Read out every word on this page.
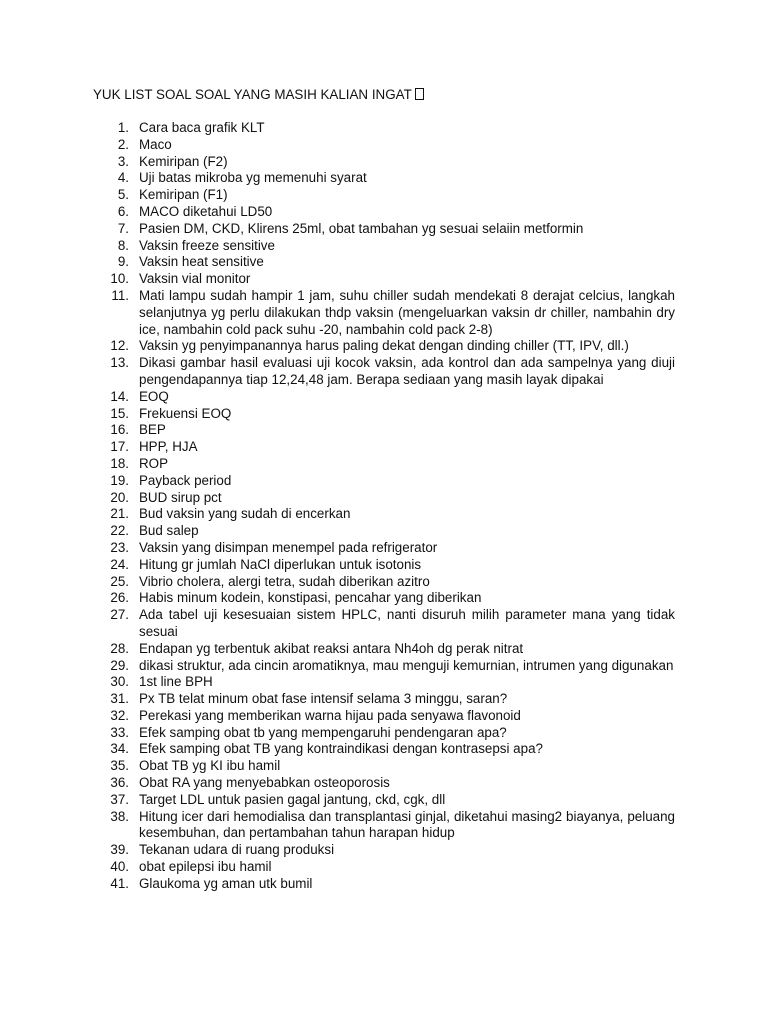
YUK LIST SOAL SOAL YANG MASIH KALIAN INGAT
1. Cara baca grafik KLT
2. Maco
3. Kemiripan (F2)
4. Uji batas mikroba yg memenuhi syarat
5. Kemiripan (F1)
6. MACO diketahui LD50
7. Pasien DM, CKD, Klirens 25ml, obat tambahan yg sesuai selaiin metformin
8. Vaksin freeze sensitive
9. Vaksin heat sensitive
10. Vaksin vial monitor
11. Mati lampu sudah hampir 1 jam, suhu chiller sudah mendekati 8 derajat celcius, langkah selanjutnya yg perlu dilakukan thdp vaksin (mengeluarkan vaksin dr chiller, nambahin dry ice, nambahin cold pack suhu -20, nambahin cold pack 2-8)
12. Vaksin yg penyimpanannya harus paling dekat dengan dinding chiller (TT, IPV, dll.)
13. Dikasi gambar hasil evaluasi uji kocok vaksin, ada kontrol dan ada sampelnya yang diuji pengendapannya tiap 12,24,48 jam. Berapa sediaan yang masih layak dipakai
14. EOQ
15. Frekuensi EOQ
16. BEP
17. HPP, HJA
18. ROP
19. Payback period
20. BUD sirup pct
21. Bud vaksin yang sudah di encerkan
22. Bud salep
23. Vaksin yang disimpan menempel pada refrigerator
24. Hitung gr jumlah NaCl diperlukan untuk isotonis
25. Vibrio cholera, alergi tetra, sudah diberikan azitro
26. Habis minum kodein, konstipasi, pencahar yang diberikan
27. Ada tabel uji kesesuaian sistem HPLC, nanti disuruh milih parameter mana yang tidak sesuai
28. Endapan yg terbentuk akibat reaksi antara Nh4oh dg perak nitrat
29. dikasi struktur, ada cincin aromatiknya, mau menguji kemurnian, intrumen yang digunakan
30. 1st line BPH
31. Px TB telat minum obat fase intensif selama 3 minggu, saran?
32. Perekasi yang memberikan warna hijau pada senyawa flavonoid
33. Efek samping obat tb yang mempengaruhi pendengaran apa?
34. Efek samping obat TB yang kontraindikasi dengan kontrasepsi apa?
35. Obat TB yg KI ibu hamil
36. Obat RA yang menyebabkan osteoporosis
37. Target LDL untuk pasien gagal jantung, ckd, cgk, dll
38. Hitung icer dari hemodialisa dan transplantasi ginjal, diketahui masing2 biayanya, peluang kesembuhan, dan pertambahan tahun harapan hidup
39. Tekanan udara di ruang produksi
40. obat epilepsi ibu hamil
41. Glaukoma yg aman utk bumil
